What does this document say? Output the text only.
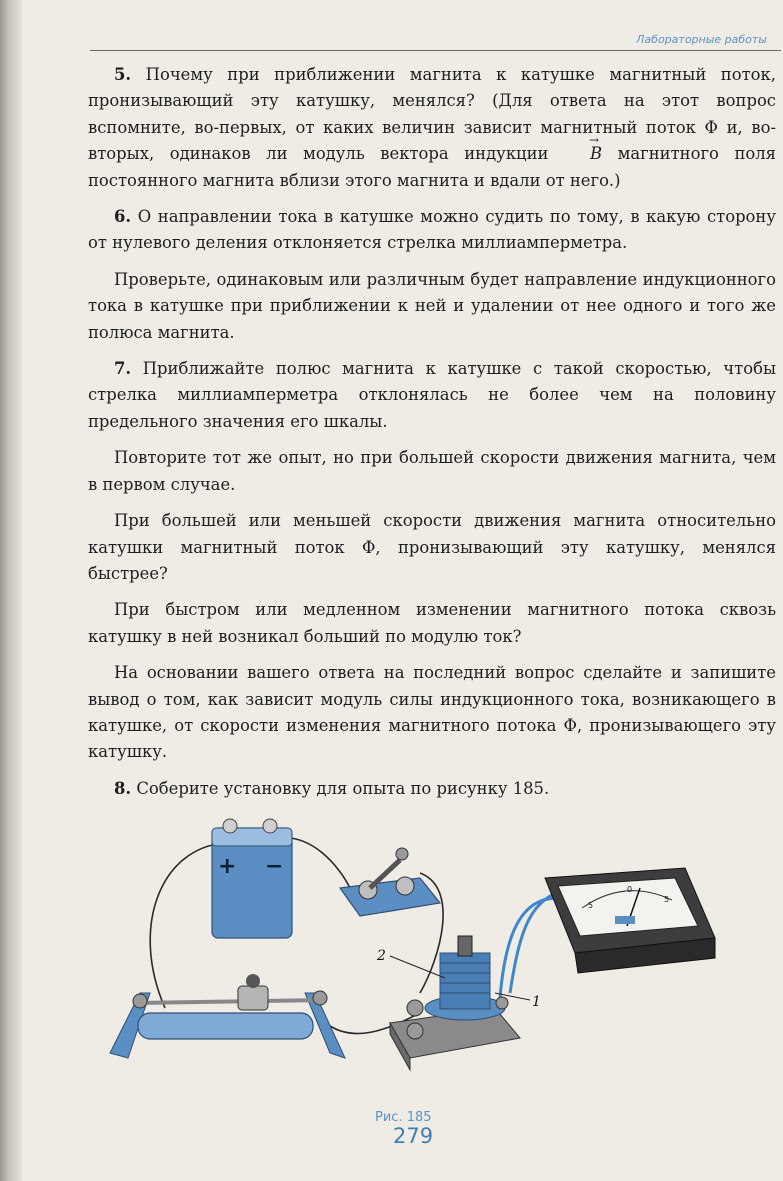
Лабораторные работы

5. Почему при приближении магнита к катушке магнитный поток, пронизывающий эту катушку, менялся? (Для ответа на этот вопрос вспомните, во-первых, от каких величин зависит магнитный поток Φ и, во-вторых, одинаков ли модуль вектора индукции →	B магнитного поля постоянного магнита вблизи этого магнита и вдали от него.)

6. О направлении тока в катушке можно судить по тому, в какую сторону от нулевого деления отклоняется стрелка миллиамперметра.

Проверьте, одинаковым или различным будет направление индукционного тока в катушке при приближении к ней и удалении от нее одного и того же полюса магнита.

7. Приближайте полюс магнита к катушке с такой скоростью, чтобы стрелка миллиамперметра отклонялась не более чем на половину предельного значения его шкалы.

Повторите тот же опыт, но при большей скорости движения магнита, чем в первом случае.

При большей или меньшей скорости движения магнита относительно катушки магнитный поток Φ, пронизывающий эту катушку, менялся быстрее?

При быстром или медленном изменении магнитного потока сквозь катушку в ней возникал больший по модулю ток?

На основании вашего ответа на последний вопрос сделайте и запишите вывод о том, как зависит модуль силы индукционного тока, возникающего в катушке, от скорости изменения магнитного потока Φ, пронизывающего эту катушку.

8. Соберите установку для опыта по рисунку 185.

+ −
2
1
5
0
5
Рис. 185
279
